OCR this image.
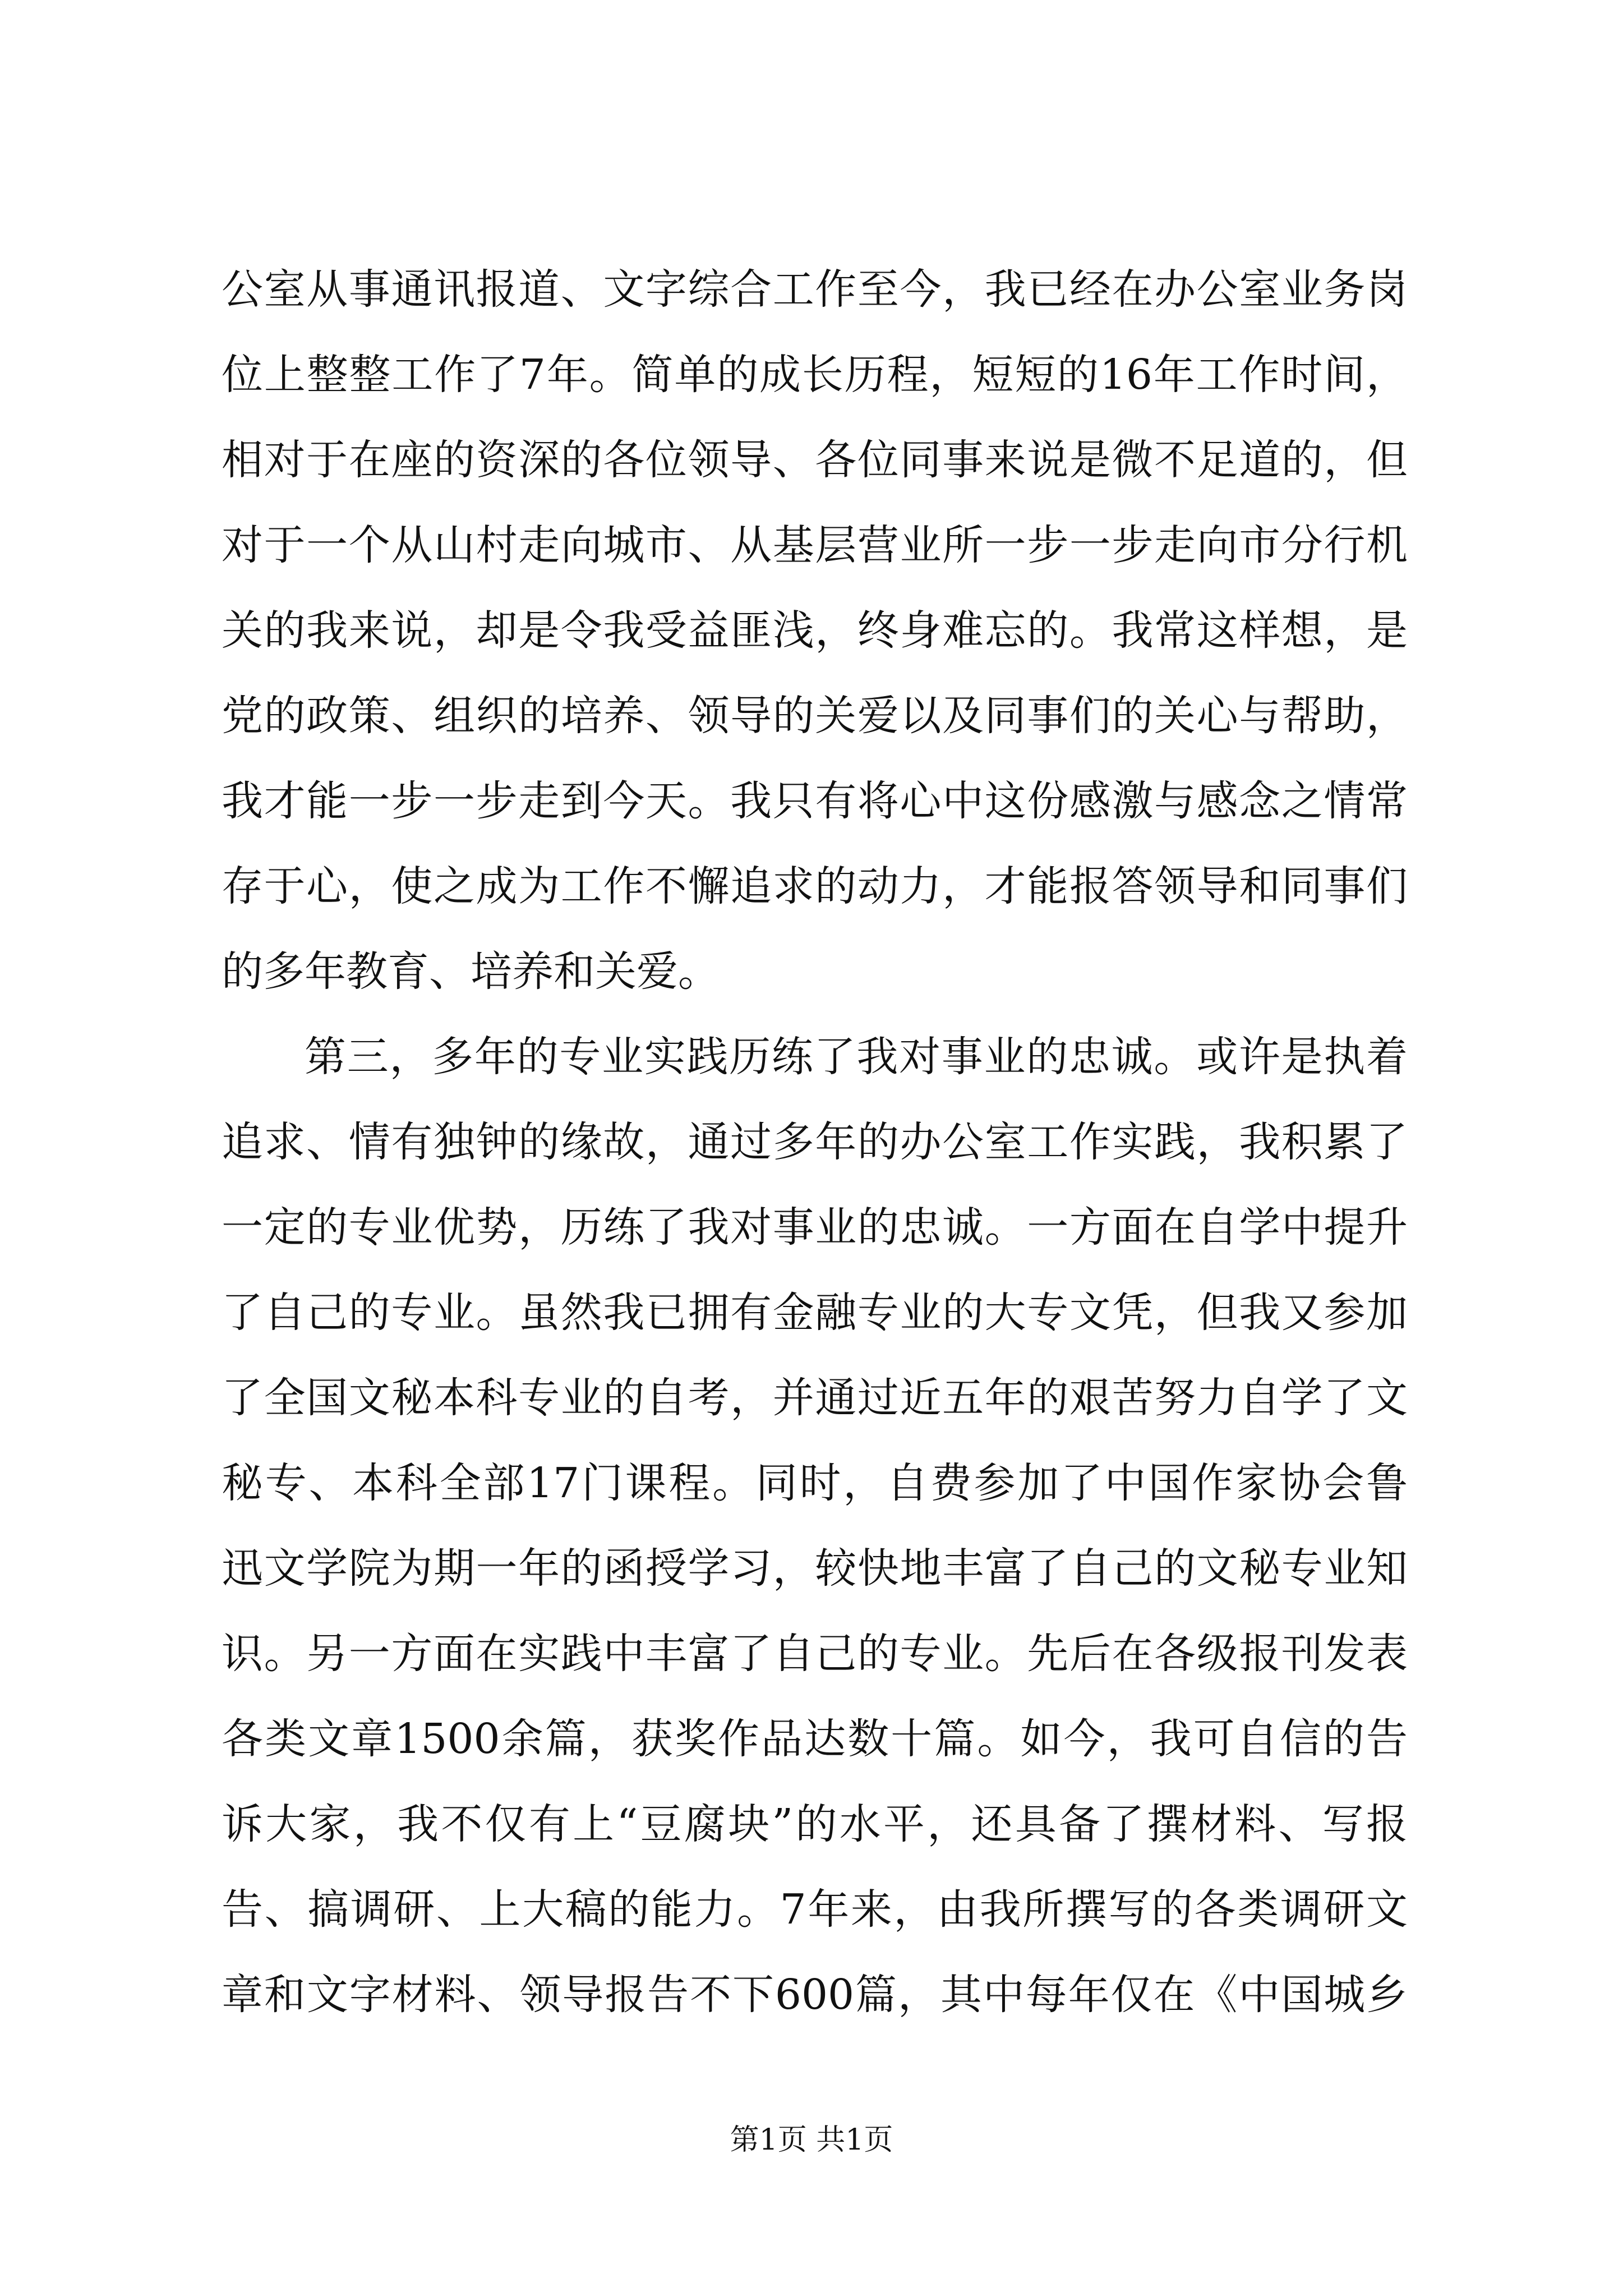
公室从事通讯报道、文字综合工作至今，我已经在办公室业务岗
位上整整工作了7年。简单的成长历程，短短的16年工作时间，
相对于在座的资深的各位领导、各位同事来说是微不足道的，但
对于一个从山村走向城市、从基层营业所一步一步走向市分行机
关的我来说，却是令我受益匪浅，终身难忘的。我常这样想，是
党的政策、组织的培养、领导的关爱以及同事们的关心与帮助，
我才能一步一步走到今天。我只有将心中这份感激与感念之情常
存于心，使之成为工作不懈追求的动力，才能报答领导和同事们
的多年教育、培养和关爱。
第三，多年的专业实践历练了我对事业的忠诚。或许是执着
追求、情有独钟的缘故，通过多年的办公室工作实践，我积累了
一定的专业优势，历练了我对事业的忠诚。一方面在自学中提升
了自己的专业。虽然我已拥有金融专业的大专文凭，但我又参加
了全国文秘本科专业的自考，并通过近五年的艰苦努力自学了文
秘专、本科全部17门课程。同时，自费参加了中国作家协会鲁
迅文学院为期一年的函授学习，较快地丰富了自己的文秘专业知
识。另一方面在实践中丰富了自己的专业。先后在各级报刊发表
各类文章1500余篇，获奖作品达数十篇。如今，我可自信的告
诉大家，我不仅有上“豆腐块”的水平，还具备了撰材料、写报
告、搞调研、上大稿的能力。7年来，由我所撰写的各类调研文
章和文字材料、领导报告不下600篇，其中每年仅在《中国城乡
第1页 共1页
